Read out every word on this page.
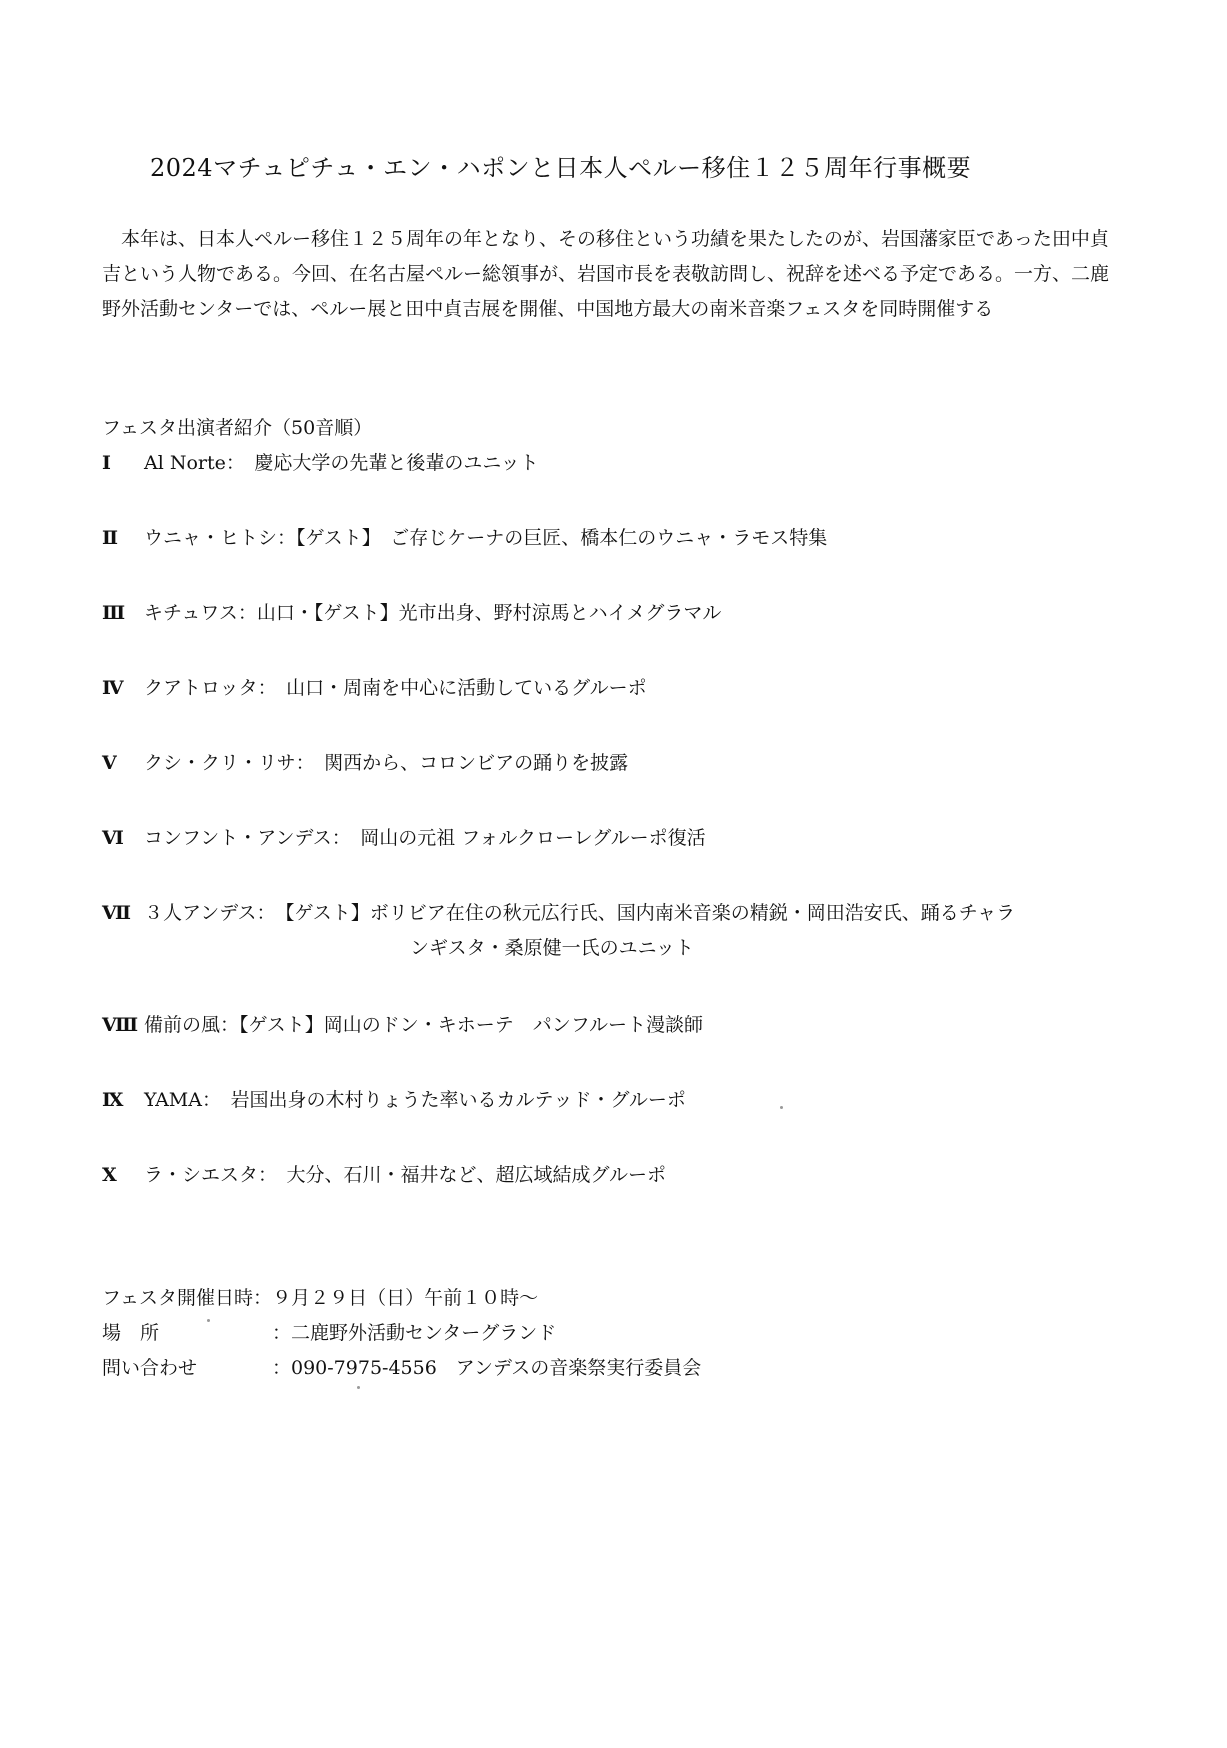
2024マチュピチュ・エン・ハポンと日本人ペルー移住１２５周年行事概要
本年は、日本人ペルー移住１２５周年の年となり、その移住という功績を果たしたのが、岩国藩家臣であった田中貞吉という人物である。今回、在名古屋ペルー総領事が、岩国市長を表敬訪問し、祝辞を述べる予定である。一方、二鹿野外活動センターでは、ペルー展と田中貞吉展を開催、中国地方最大の南米音楽フェスタを同時開催する
フェスタ出演者紹介（50音順）
Ⅰ Al Norte：　 慶応大学の先輩と後輩のユニット
Ⅱ ウニャ・ヒトシ：【ゲスト】　 ご存じケーナの巨匠、橋本仁のウニャ・ラモス特集
Ⅲ キチュワス：山口・【ゲスト】光市出身、野村涼馬とハイメグラマル
Ⅳ クアトロッタ：　 山口・周南を中心に活動しているグルーポ
Ⅴ クシ・クリ・リサ：　 関西から、コロンビアの踊りを披露
Ⅵ コンフント・アンデス：　 岡山の元祖 フォルクローレグルーポ復活
Ⅶ ３人アンデス：　 【ゲスト】ボリビア在住の秋元広行氏、国内南米音楽の精鋭・岡田浩安氏、踊るチャラ
ンギスタ・桑原健一氏のユニット
Ⅷ 備前の風：【ゲスト】岡山のドン・キホーテ　パンフルート漫談師
Ⅸ YAMA：　 岩国出身の木村りょうた率いるカルテッド・グルーポ
Ⅹ ラ・シエスタ：　 大分、石川・福井など、超広域結成グルーポ
フェスタ開催日時：９月２９日（日）午前１０時～
場　所	：二鹿野外活動センターグランド
問い合わせ	：090-7975-4556　アンデスの音楽祭実行委員会
